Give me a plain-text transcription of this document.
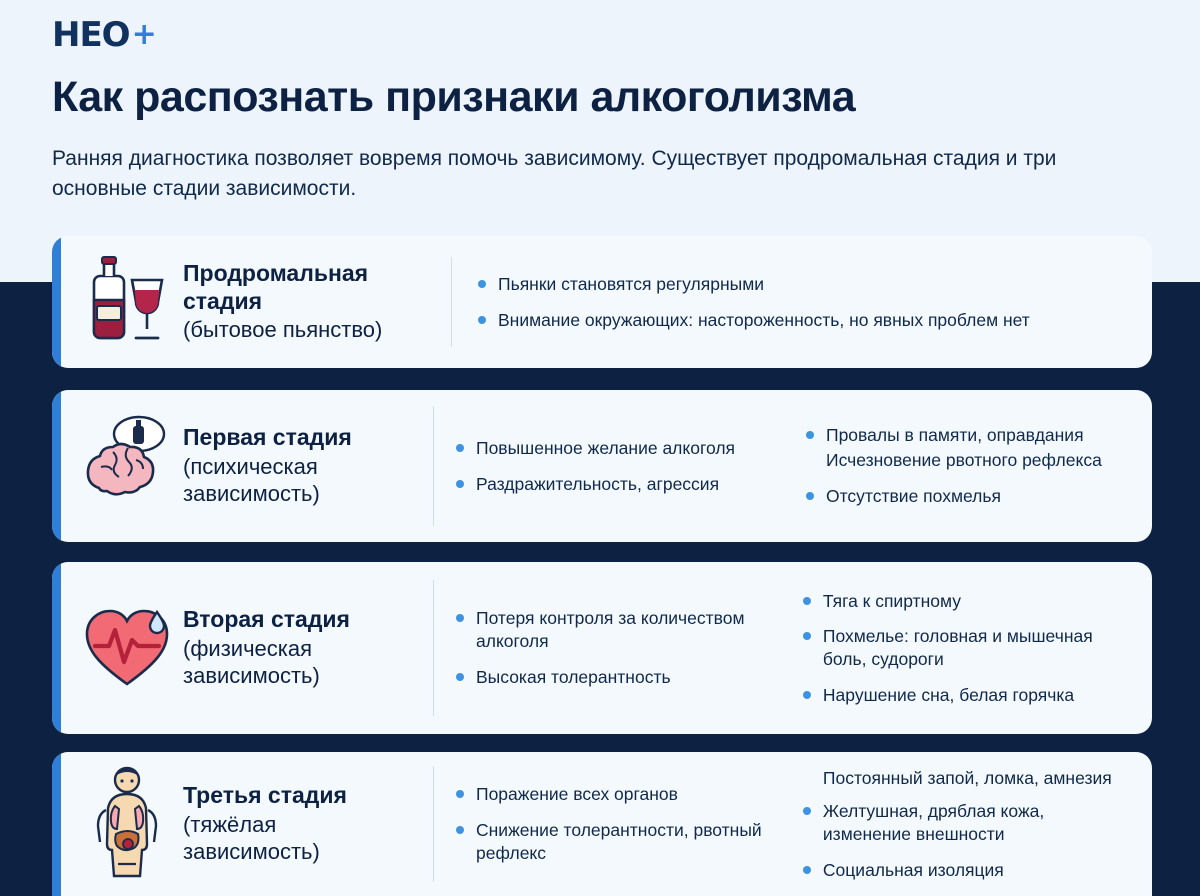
HEO +
Как распознать признаки алкоголизма

Ранняя диагностика позволяет вовремя помочь зависимому. Существует продромальная стадия и три основные стадии зависимости.

Продромальная стадия
(бытовое пьянство)
Пьянки становятся регулярными
Внимание окружающих: настороженность, но явных проблем нет
Первая стадия
(психическая зависимость)
Повышенное желание алкоголя
Раздражительность, агрессия
Провалы в памяти, оправдания
Исчезновение рвотного рефлекса
Отсутствие похмелья
Вторая стадия
(физическая зависимость)
Потеря контроля за количеством алкоголя
Высокая толерантность
Тяга к спиртному
Похмелье: головная и мышечная боль, судороги
Нарушение сна, белая горячка
Третья стадия
(тяжёлая зависимость)
Поражение всех органов
Снижение толерантности, рвотный рефлекс
Постоянный запой, ломка, амнезия
Желтушная, дряблая кожа, изменение внешности
Социальная изоляция
